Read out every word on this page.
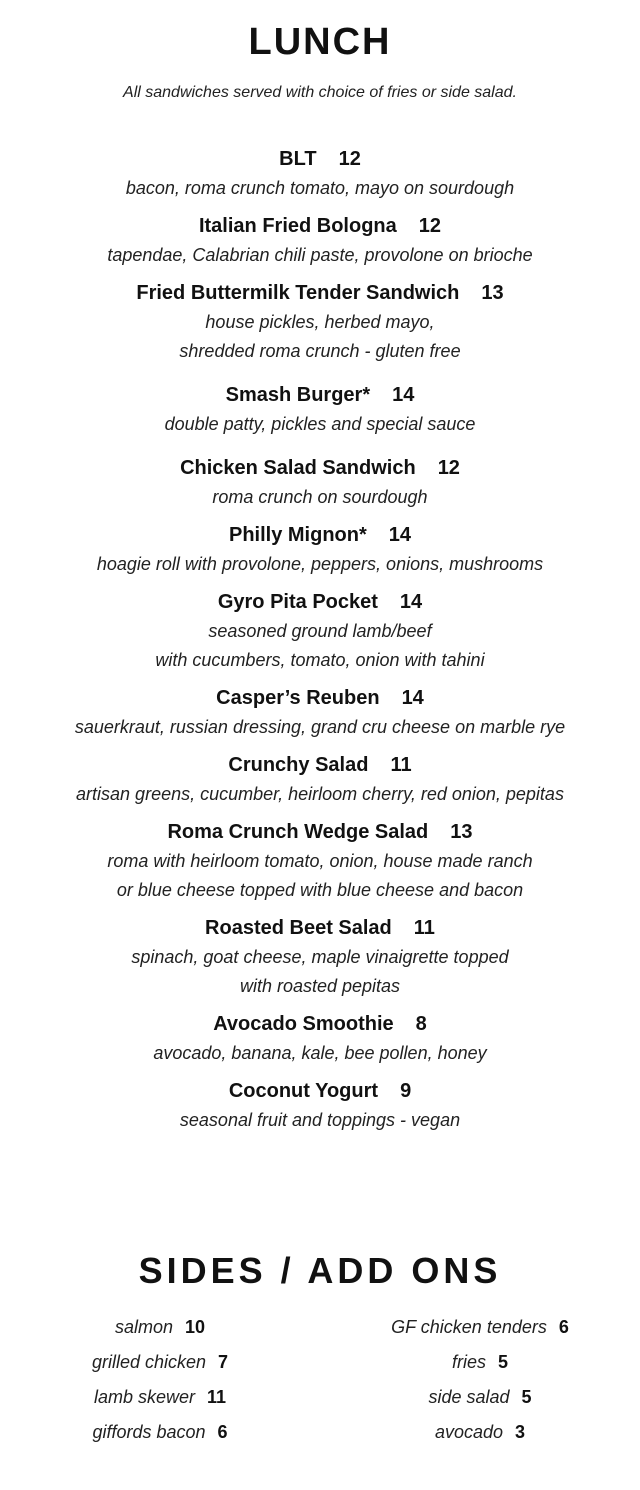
LUNCH
All sandwiches served with choice of fries or side salad.
BLT 12
bacon, roma crunch tomato, mayo on sourdough
Italian Fried Bologna 12
tapendae, Calabrian chili paste, provolone on brioche
Fried Buttermilk Tender Sandwich 13
house pickles, herbed mayo,
shredded roma crunch - gluten free
Smash Burger* 14
double patty, pickles and special sauce
Chicken Salad Sandwich 12
roma crunch on sourdough
Philly Mignon* 14
hoagie roll with provolone, peppers, onions, mushrooms
Gyro Pita Pocket 14
seasoned ground lamb/beef
with cucumbers, tomato, onion with tahini
Casper’s Reuben 14
sauerkraut, russian dressing, grand cru cheese on marble rye
Crunchy Salad 11
artisan greens, cucumber, heirloom cherry, red onion, pepitas
Roma Crunch Wedge Salad 13
roma with heirloom tomato, onion, house made ranch
or blue cheese topped with blue cheese and bacon
Roasted Beet Salad 11
spinach, goat cheese, maple vinaigrette topped
with roasted pepitas
Avocado Smoothie 8
avocado, banana, kale, bee pollen, honey
Coconut Yogurt 9
seasonal fruit and toppings - vegan
SIDES / ADD ONS
salmon 10
grilled chicken 7
lamb skewer 11
giffords bacon 6
GF chicken tenders 6
fries 5
side salad 5
avocado 3
